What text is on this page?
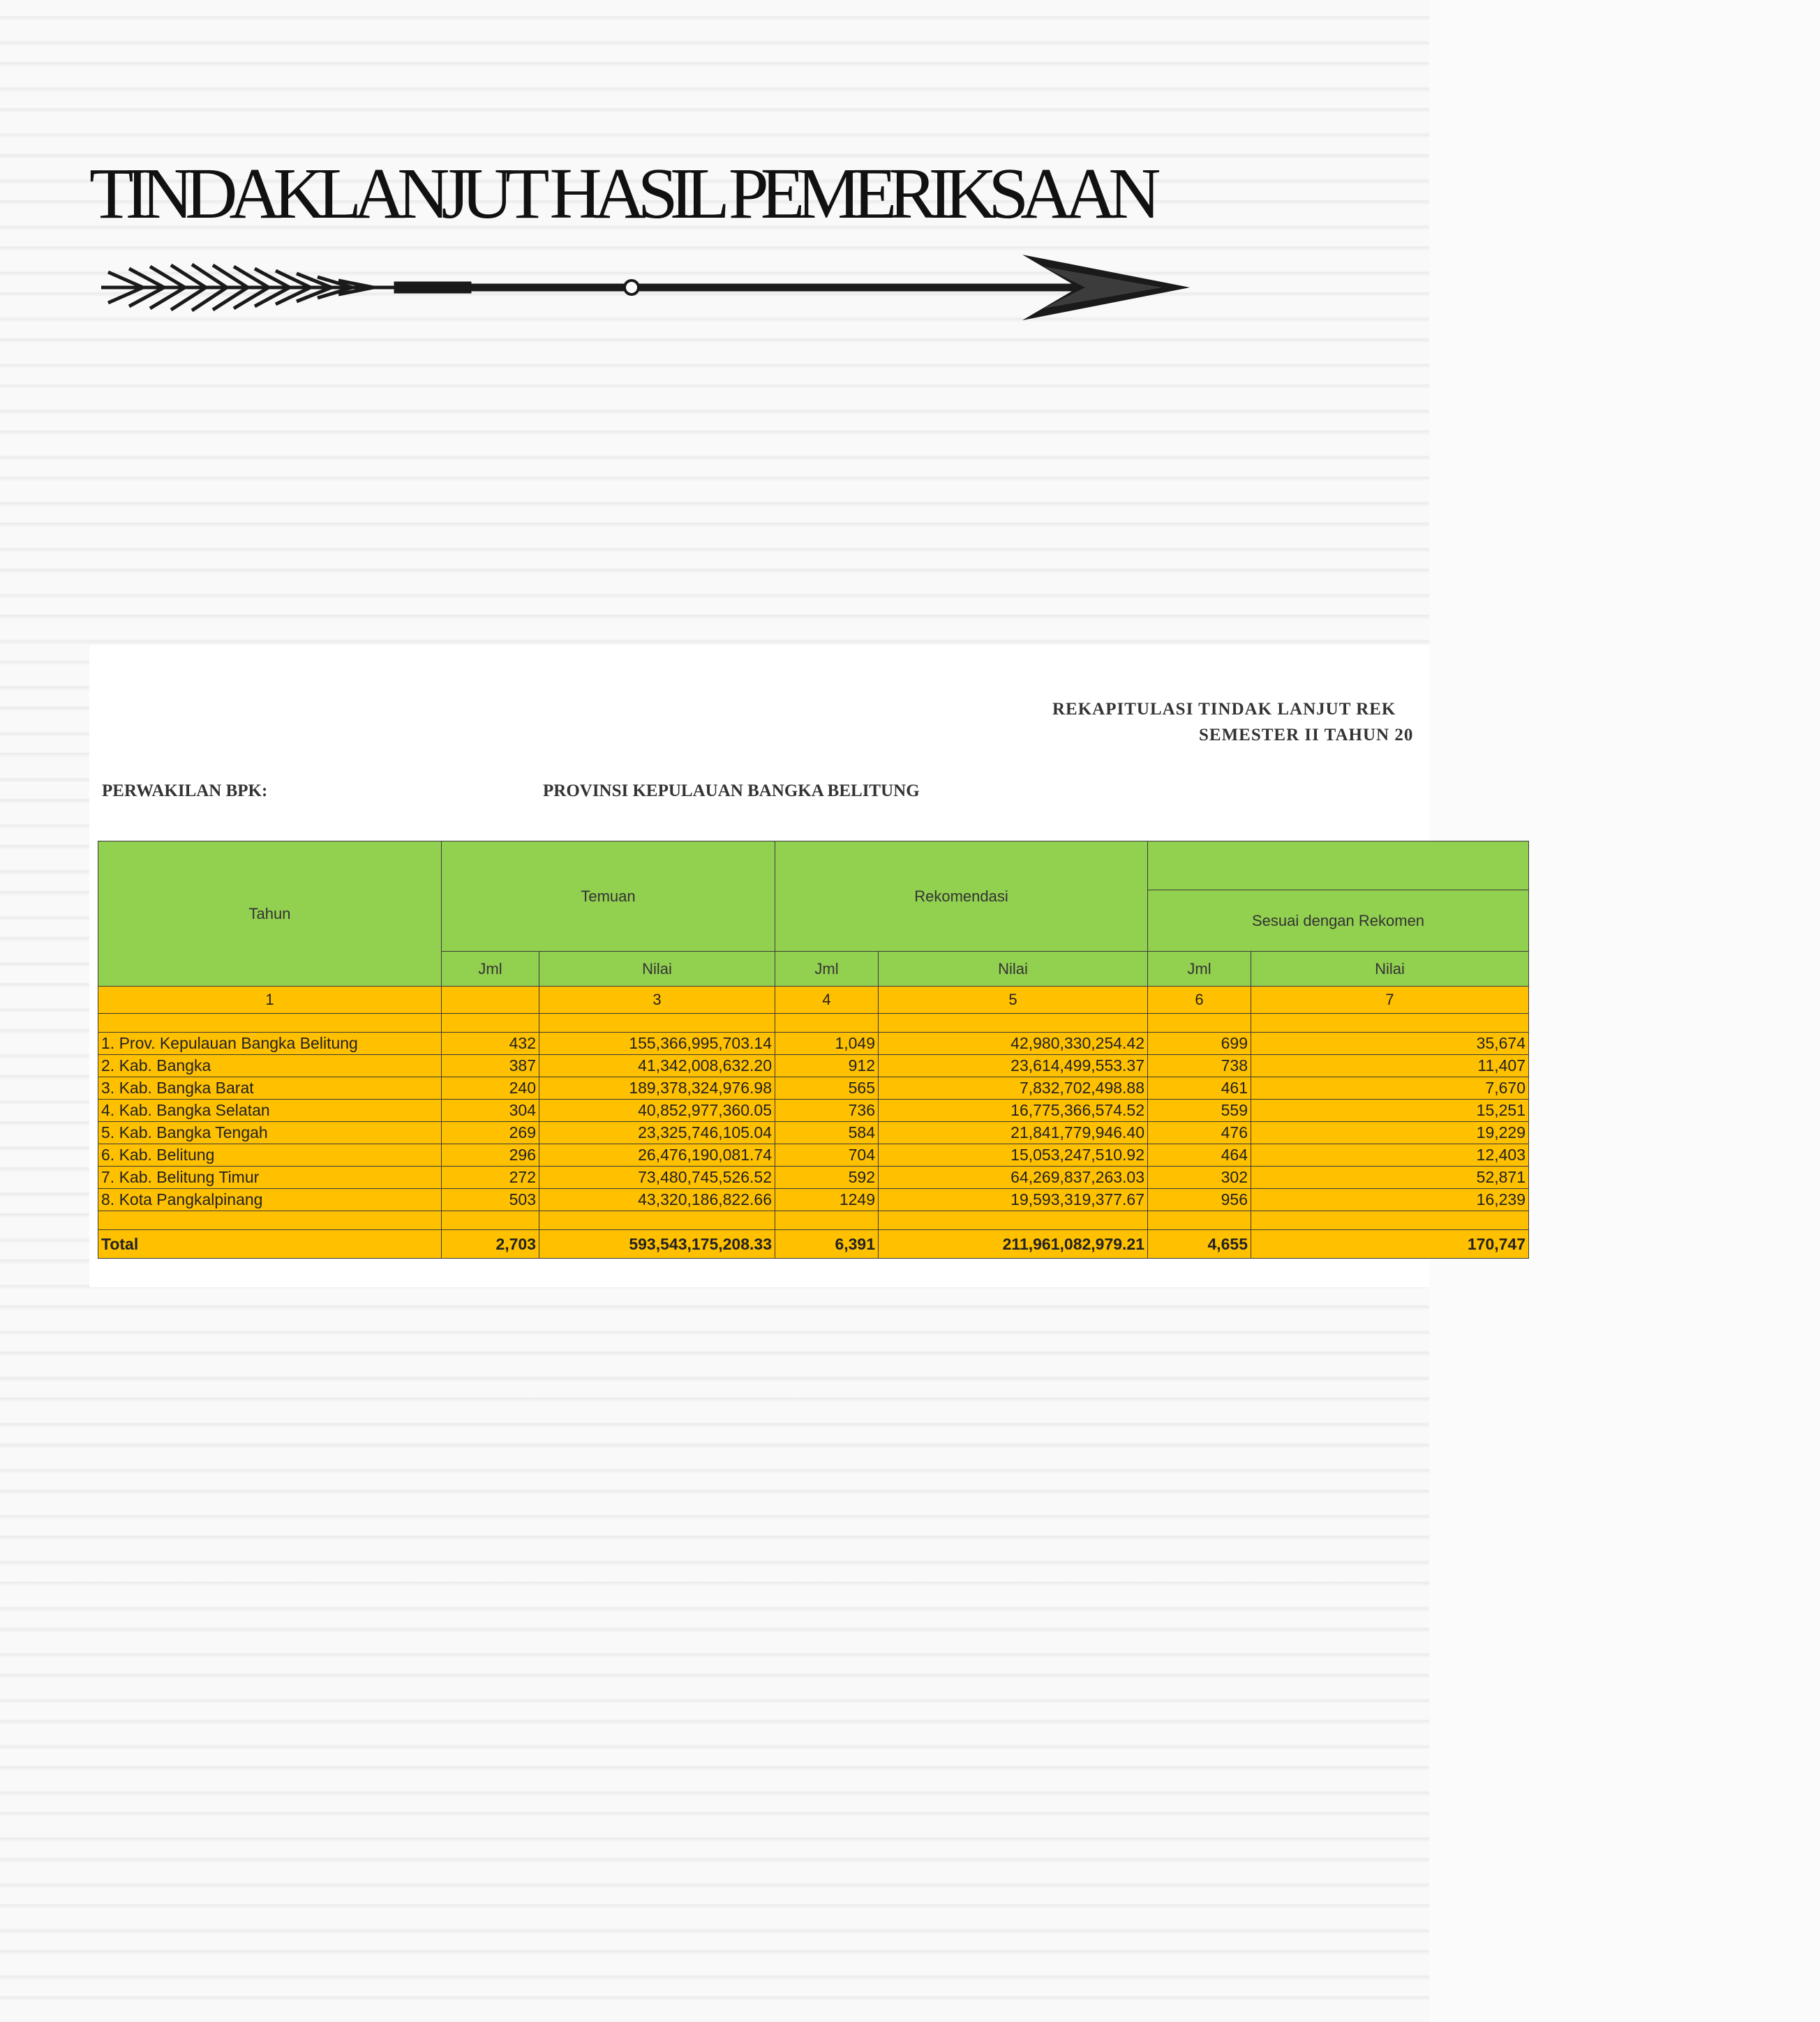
TINDAKLANJUT HASIL PEMERIKSAAN

REKAPITULASI TINDAK LANJUT REK

SEMESTER II TAHUN 20

PERWAKILAN BPK:	PROVINSI KEPULAUAN BANGKA BELITUNG
Tahun	Temuan		Rekomendasi			
					Sesuai dengan Rekomen	
	Jml	Nilai	Jml	Nilai	Jml	Nilai
1		3	4	5	6	7

1. Prov. Kepulauan Bangka Belitung	432	155,366,995,703.14	1,049	42,980,330,254.42	699	35,674
2. Kab. Bangka	387	41,342,008,632.20	912	23,614,499,553.37	738	11,407
3. Kab. Bangka Barat	240	189,378,324,976.98	565	7,832,702,498.88	461	7,670
4. Kab. Bangka Selatan	304	40,852,977,360.05	736	16,775,366,574.52	559	15,251
5. Kab. Bangka Tengah	269	23,325,746,105.04	584	21,841,779,946.40	476	19,229
6. Kab. Belitung	296	26,476,190,081.74	704	15,053,247,510.92	464	12,403
7. Kab. Belitung Timur	272	73,480,745,526.52	592	64,269,837,263.03	302	52,871
8. Kota Pangkalpinang	503	43,320,186,822.66	1249	19,593,319,377.67	956	16,239

Total	2,703	593,543,175,208.33	6,391	211,961,082,979.21	4,655	170,747
